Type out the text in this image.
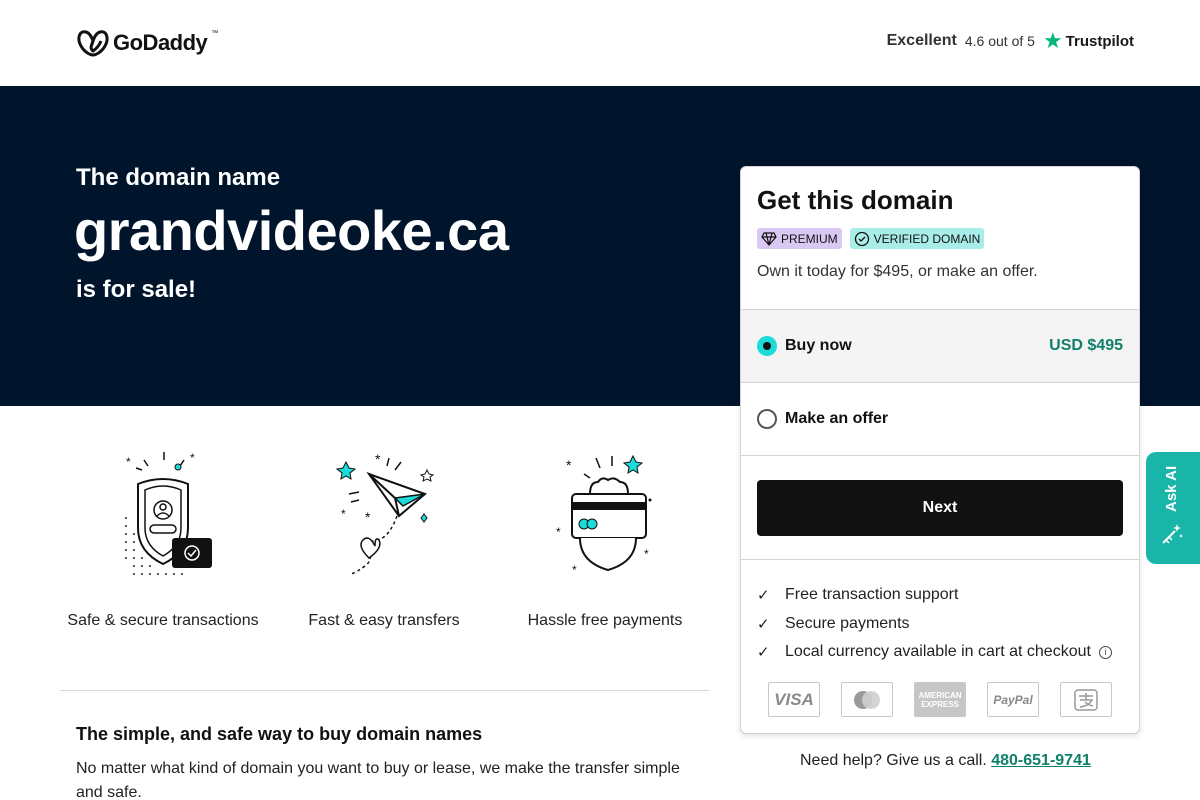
GoDaddy ™	Excellent 4.6 out of 5 ★ Trustpilot
The domain name
grandvideoke.ca
is for sale!
*	*
Safe & secure transactions
*
*
*
Fast & easy transfers
*
*
*
*
Hassle free payments
The simple, and safe way to buy domain names
No matter what kind of domain you want to buy or lease, we make the transfer simple and safe.
Get this domain
PREMIUM	VERIFIED DOMAIN
Own it today for $495, or make an offer.
Buy now	USD $495
Make an offer
Next
✓ Free transaction support
✓ Secure payments
✓ Local currency available in cart at checkout	i
VISA	AMERICAN EXPRESS	PayPal
Need help? Give us a call. 480-651-9741
Ask AI
